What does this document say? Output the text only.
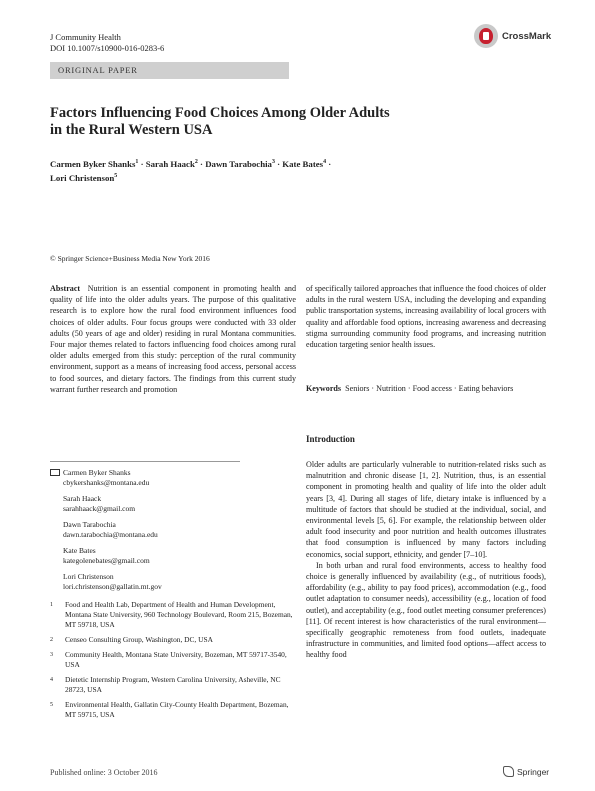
J Community Health
DOI 10.1007/s10900-016-0283-6
CrossMark
ORIGINAL PAPER
Factors Influencing Food Choices Among Older Adults
in the Rural Western USA
Carmen Byker Shanks$^1$ · Sarah Haack$^2$ · Dawn Tarabochia$^3$ · Kate Bates$^4$ ·
Lori Christenson$^5$
© Springer Science+Business Media New York 2016
Abstract Nutrition is an essential component in promoting health and quality of life into the older adults years. The purpose of this qualitative research is to explore how the rural food environment influences food choices of older adults. Four focus groups were conducted with 33 older adults (50 years of age and older) residing in rural Montana communities. Four major themes related to factors influencing food choices among rural older adults emerged from this study: perception of the rural community environment, support as a means of increasing food access, personal access to food sources, and dietary factors. The findings from this current study warrant further research and promotion
of specifically tailored approaches that influence the food choices of older adults in the rural western USA, including the developing and expanding public transportation systems, increasing availability of local grocers with quality and affordable food options, increasing awareness and decreasing stigma surrounding community food programs, and increasing nutrition education targeting senior health issues.
Keywords Seniors · Nutrition · Food access · Eating behaviors
Introduction

Older adults are particularly vulnerable to nutrition-related risks such as malnutrition and chronic disease [1, 2]. Nutrition, thus, is an essential component in promoting health and quality of life into the older adult years [3, 4]. During all stages of life, dietary intake is influenced by a multitude of factors that should be studied at the individual, social, and environmental levels [5, 6]. For example, the relationship between older adult food insecurity and poor nutrition and health outcomes illustrates that food consumption is influenced by many factors including economics, social support, ethnicity, and gender [7–10].

In both urban and rural food environments, access to healthy food choice is generally influenced by availability (e.g., of nutritious foods), affordability (e.g., ability to pay food prices), accommodation (e.g., food outlet adaptation to consumer needs), accessibility (e.g., location of food outlet), and acceptability (e.g., food outlet meeting consumer preferences) [11]. Of recent interest is how characteristics of the rural environment—specifically geographic remoteness from food outlets, inadequate infrastructure in communities, and limited food options—affect access to healthy food

Carmen Byker Shanks
cbykershanks@montana.edu
Sarah Haack
sarahhaack@gmail.com
Dawn Tarabochia
dawn.tarabochia@montana.edu
Kate Bates
kategolenebates@gmail.com
Lori Christenson
lori.christenson@gallatin.mt.gov
1	Food and Health Lab, Department of Health and Human Development, Montana State University, 960 Technology Boulevard, Room 215, Bozeman, MT 59718, USA
2	Censeo Consulting Group, Washington, DC, USA
3	Community Health, Montana State University, Bozeman, MT 59717-3540, USA
4	Dietetic Internship Program, Western Carolina University, Asheville, NC 28723, USA
5	Environmental Health, Gallatin City-County Health Department, Bozeman, MT 59715, USA
Published online: 3 October 2016	Springer
